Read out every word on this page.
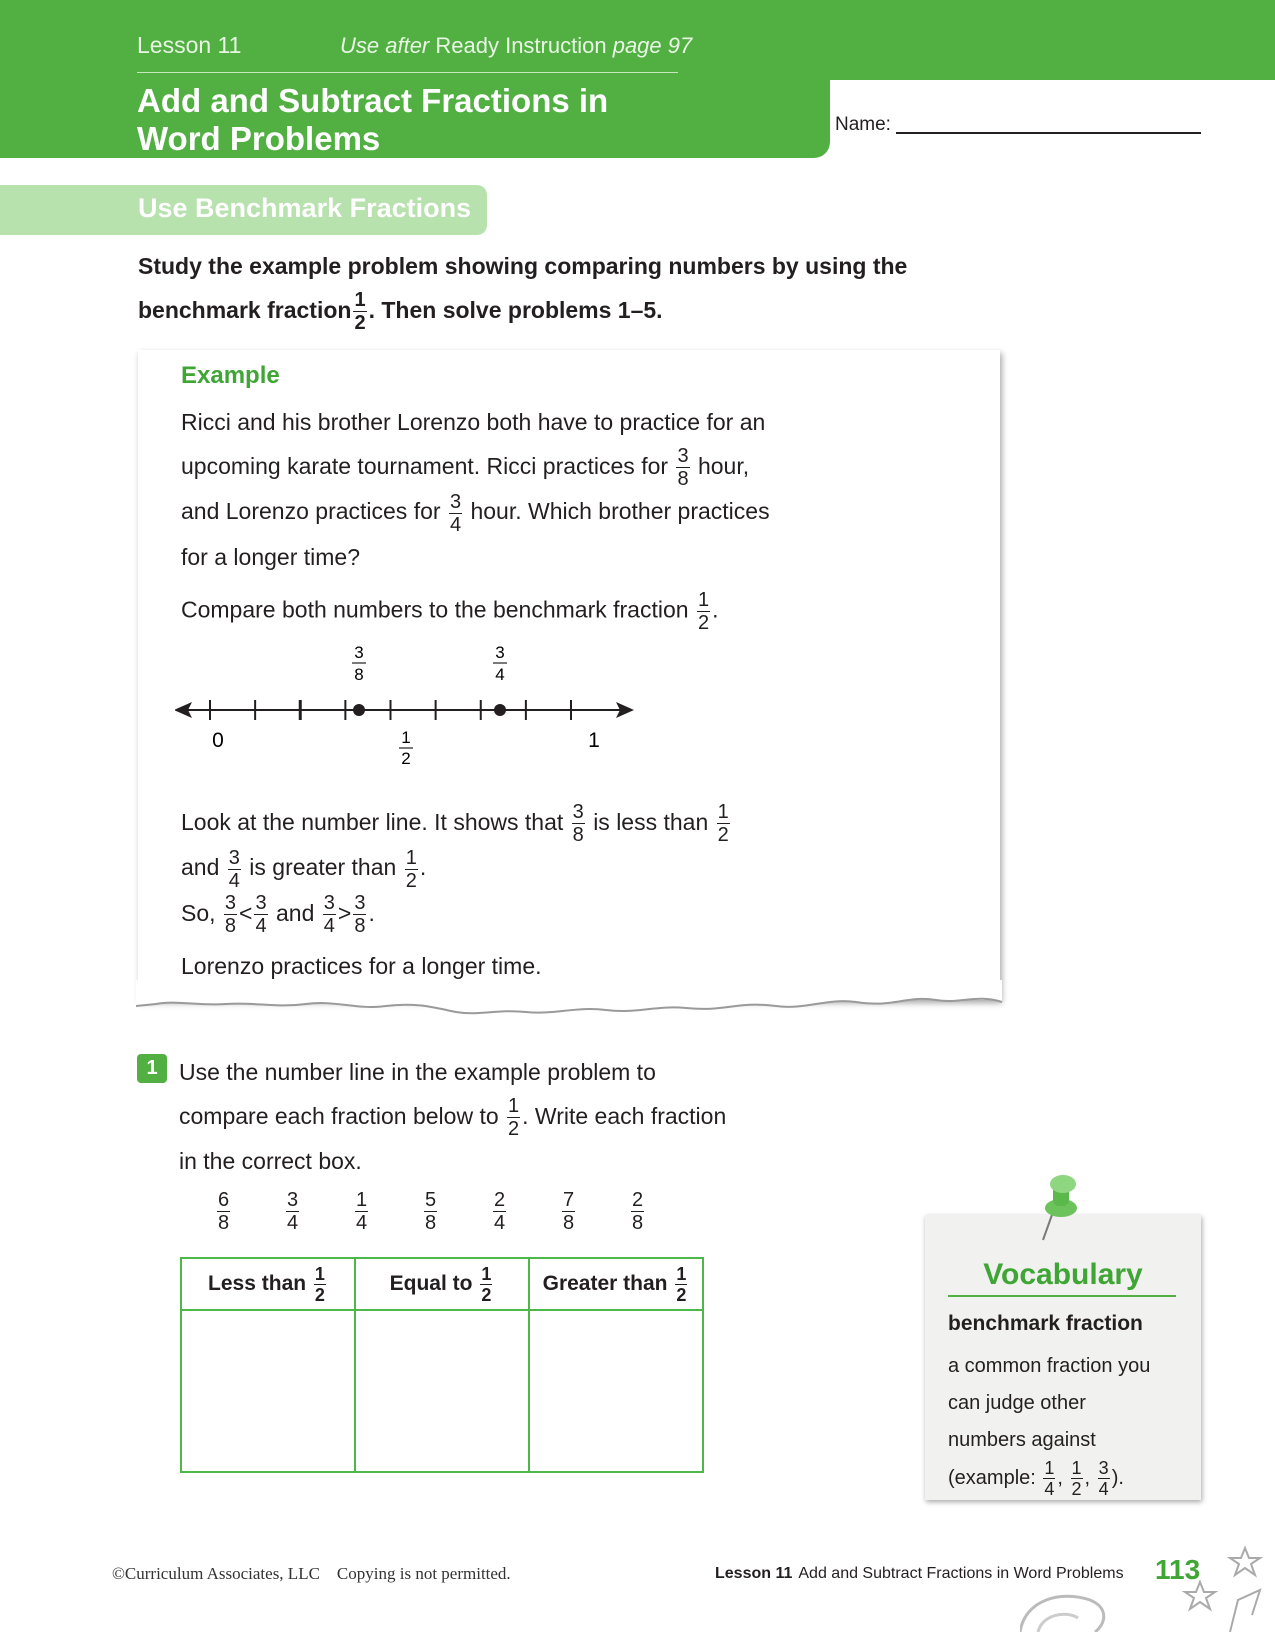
Lesson 11	Use after Ready Instruction page 97
Add and Subtract Fractions in Word Problems	Name:
Use Benchmark Fractions
Study the example problem showing comparing numbers by using the
benchmark fraction $\frac{1}{2}$ . Then solve problems 1–5.
Example
Ricci and his brother Lorenzo both have to practice for an
upcoming karate tournament. Ricci practices for $\frac{3}{8}$ hour,
and Lorenzo practices for $\frac{3}{4}$ hour. Which brother practices
for a longer time?
Compare both numbers to the benchmark fraction $\frac{1}{2}$ .
0	1
1
2
3
8
3
4
Look at the number line. It shows that $\frac{3}{8}$ is less than $\frac{1}{2}$
and $\frac{3}{4}$ is greater than $\frac{1}{2}$ .
So, $\frac{3}{8} < \frac{3}{4}$ and $\frac{3}{4} > \frac{3}{8}$ .
Lorenzo practices for a longer time.
1 Use the number line in the example problem to
compare each fraction below to $\frac{1}{2}$ . Write each fraction
in the correct box.
$\frac{6}{8}$	$\frac{3}{4}$	$\frac{1}{4}$	$\frac{5}{8}$	$\frac{2}{4}$	$\frac{7}{8}$	$\frac{2}{8}$
Less than $\frac{1}{2}$	Equal to $\frac{1}{2}$	Greater than $\frac{1}{2}$

			Vocabulary
benchmark fraction
a common fraction you
can judge other
numbers against
(example: $\frac{1}{4}$ , $\frac{1}{2}$ , $\frac{3}{4}$ ).
©Curriculum Associates, LLC    Copying is not permitted.	Lesson 11 Add and Subtract Fractions in Word Problems 113
